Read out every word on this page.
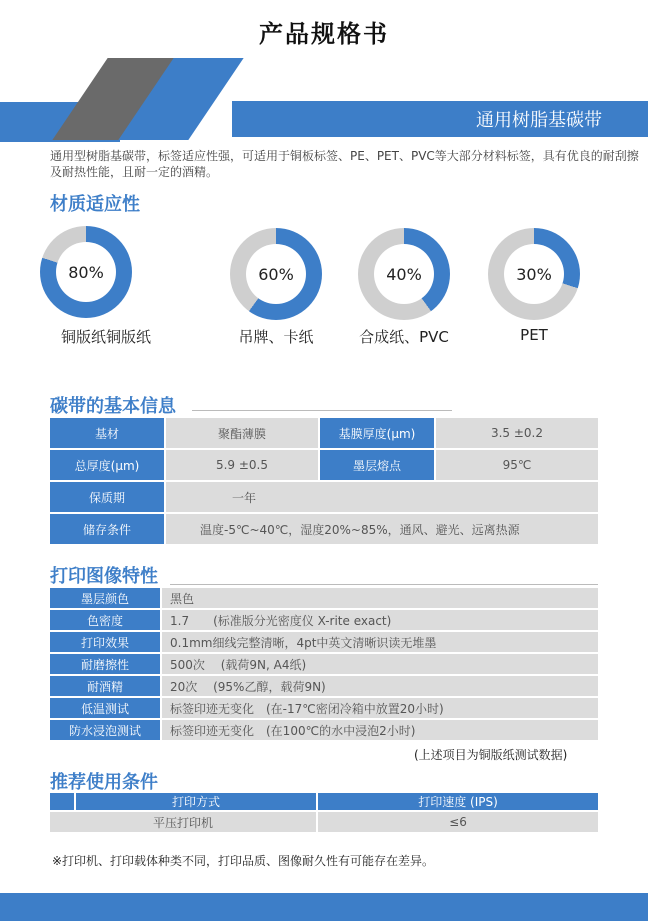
产品规格书
通用树脂基碳带
通用型树脂基碳带，标签适应性强，可适用于铜板标签、PE、PET、PVC等大部分材料标签，具有优良的耐刮擦及耐热性能，且耐一定的酒精。
材质适应性
80%	60%	40%	30%
铜版纸铜版纸	吊牌、卡纸	合成纸、PVC	PET
碳带的基本信息
基材	聚酯薄膜	基膜厚度(μm)	3.5 ±0.2
总厚度(μm)	5.9 ±0.5	墨层熔点	95℃
保质期	一年		
储存条件	温度-5℃~40℃，湿度20%~85%，通风、避光、远离热源		
打印图像特性
墨层颜色	黑色
色密度	1.7　　(标准版分光密度仪 X-rite exact)
打印效果	0.1mm细线完整清晰，4pt中英文清晰识读无堆墨
耐磨擦性	500次　 (载荷9N, A4纸)
耐酒精	20次　 (95%乙醇，载荷9N)
低温测试	标签印迹无变化　(在-17℃密闭冷箱中放置20小时)
防水浸泡测试	标签印迹无变化　(在100℃的水中浸泡2小时)
(上述项目为铜版纸测试数据)
推荐使用条件
	打印方式	打印速度 (IPS)
平压打印机		≤6
※打印机、打印载体种类不同，打印品质、图像耐久性有可能存在差异。
